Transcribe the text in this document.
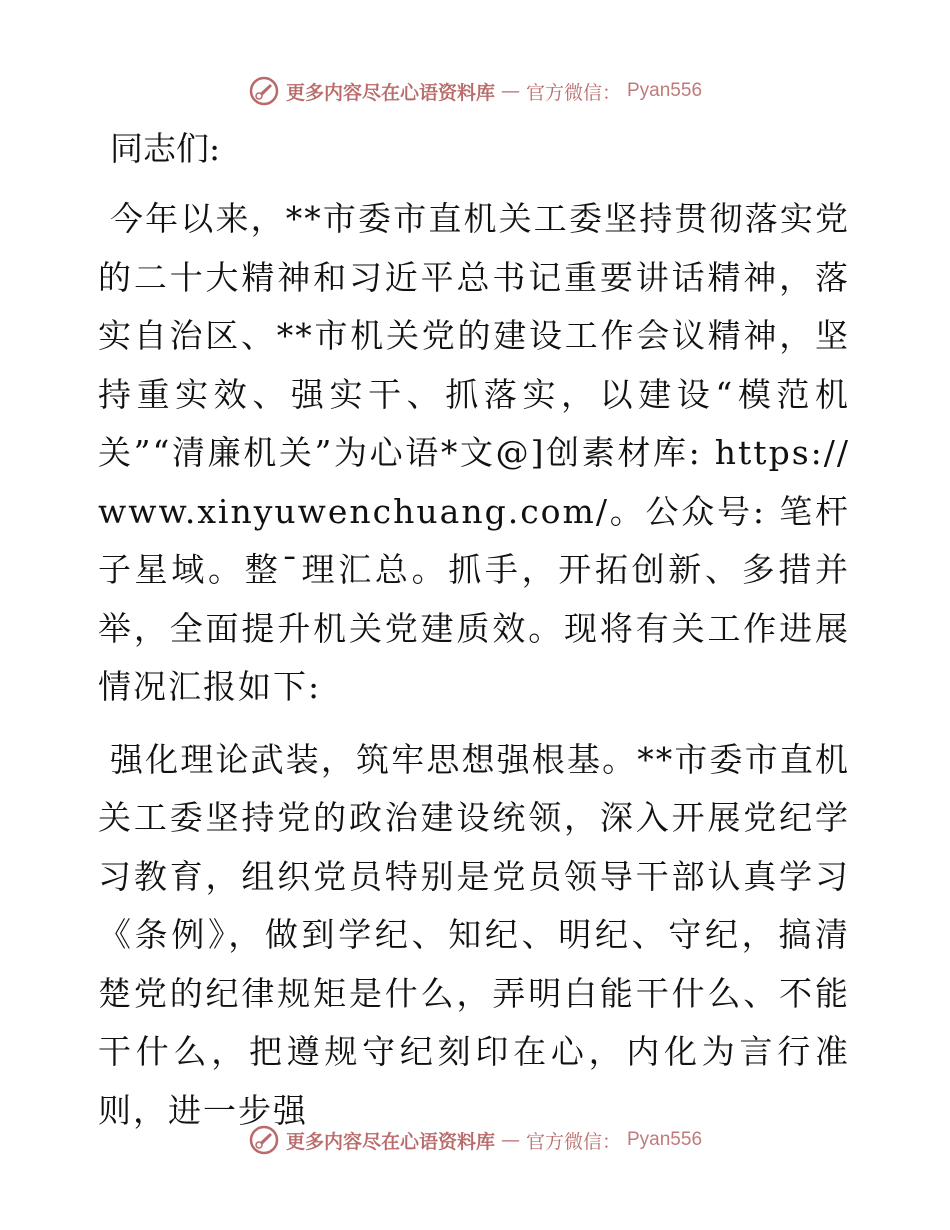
更多内容尽在心语资料库 — 官方微信： Pyan556
同志们:

今年以来，**市委市直机关工委坚持贯彻落实党的二十大精神和习近平总书记重要讲话精神，落实自治区、**市机关党的建设工作会议精神，坚持重实效、强实干、抓落实，以建设“模范机关”“清廉机关”为心语*文@]创素材库: https://www.xinyuwenchuang.com/。公众号: 笔杆子星域。整¯理汇总。抓手，开拓创新、多措并举，全面提升机关党建质效。现将有关工作进展情况汇报如下:

强化理论武装，筑牢思想强根基。**市委市直机关工委坚持党的政治建设统领，深入开展党纪学习教育，组织党员特别是党员领导干部认真学习《条例》，做到学纪、知纪、明纪、守纪，搞清楚党的纪律规矩是什么，弄明白能干什么、不能干什么，把遵规守纪刻印在心，内化为言行准则，进一步强

更多内容尽在心语资料库 — 官方微信： Pyan556
